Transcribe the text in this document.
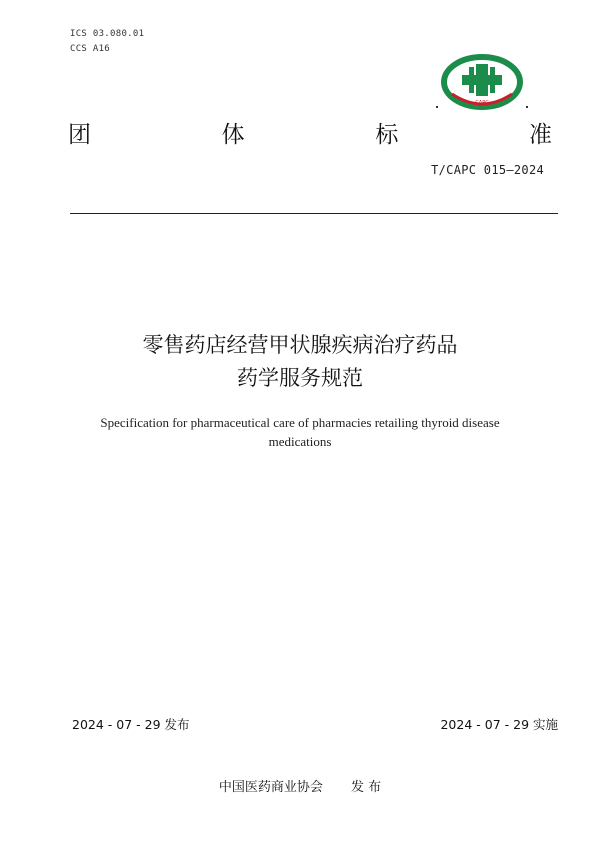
ICS 03.080.01
CCS A16
CAPC
团	体	标	准
T/CAPC 015—2024
零售药店经营甲状腺疾病治疗药品
药学服务规范
Specification for pharmaceutical care of pharmacies retailing thyroid disease
medications
2024 - 07 - 29 发布	2024 - 07 - 29 实施
中国医药商业协会 发 布
